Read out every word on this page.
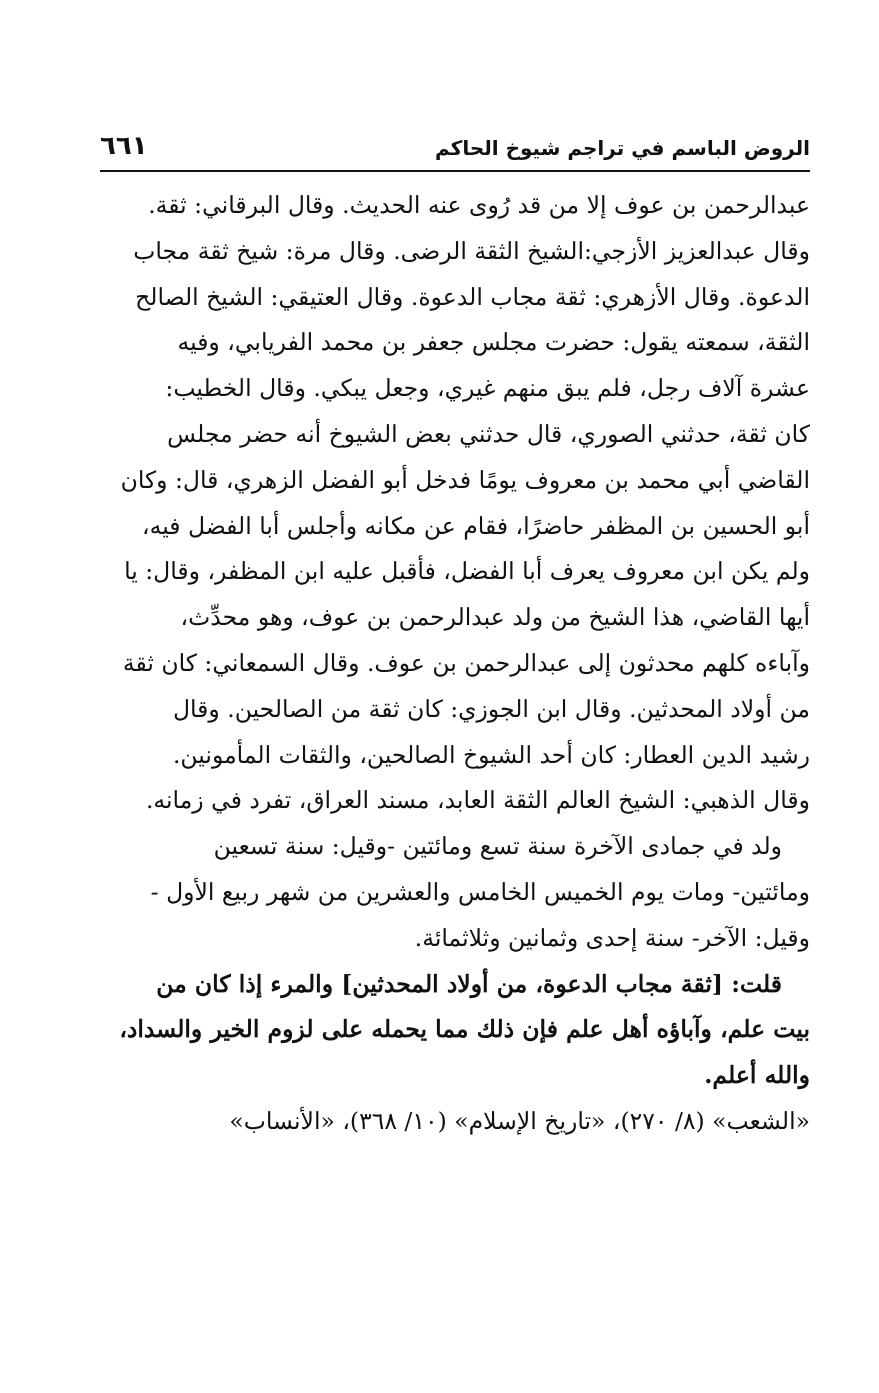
الروض الباسم في تراجم شيوخ الحاكم
٦٦١

عبدالرحمن بن عوف إلا من قد رُوى عنه الحديث. وقال البرقاني: ثقة.
وقال عبدالعزيز الأزجي:الشيخ الثقة الرضى. وقال مرة: شيخ ثقة مجاب
الدعوة. وقال الأزهري: ثقة مجاب الدعوة. وقال العتيقي: الشيخ الصالح
الثقة، سمعته يقول: حضرت مجلس جعفر بن محمد الفريابي، وفيه
عشرة آلاف رجل، فلم يبق منهم غيري، وجعل يبكي. وقال الخطيب:
كان ثقة، حدثني الصوري، قال حدثني بعض الشيوخ أنه حضر مجلس
القاضي أبي محمد بن معروف يومًا فدخل أبو الفضل الزهري، قال: وكان
أبو الحسين بن المظفر حاضرًا، فقام عن مكانه وأجلس أبا الفضل فيه،
ولم يكن ابن معروف يعرف أبا الفضل، فأقبل عليه ابن المظفر، وقال: يا
أيها القاضي، هذا الشيخ من ولد عبدالرحمن بن عوف، وهو محدِّث،
وآباءه كلهم محدثون إلى عبدالرحمن بن عوف. وقال السمعاني: كان ثقة
من أولاد المحدثين. وقال ابن الجوزي: كان ثقة من الصالحين. وقال
رشيد الدين العطار: كان أحد الشيوخ الصالحين، والثقات المأمونين.
وقال الذهبي: الشيخ العالم الثقة العابد، مسند العراق، تفرد في زمانه.

ولد في جمادى الآخرة سنة تسع ومائتين -وقيل: سنة تسعين
ومائتين- ومات يوم الخميس الخامس والعشرين من شهر ربيع الأول -
وقيل: الآخر- سنة إحدى وثمانين وثلاثمائة.

قلت: [ثقة مجاب الدعوة، من أولاد المحدثين] والمرء إذا كان من
بيت علم، وآباؤه أهل علم فإن ذلك مما يحمله على لزوم الخير والسداد،
والله أعلم.

«الشعب» (٨/ ٢٧٠)، «تاريخ الإسلام» (١٠/ ٣٦٨)، «الأنساب»
